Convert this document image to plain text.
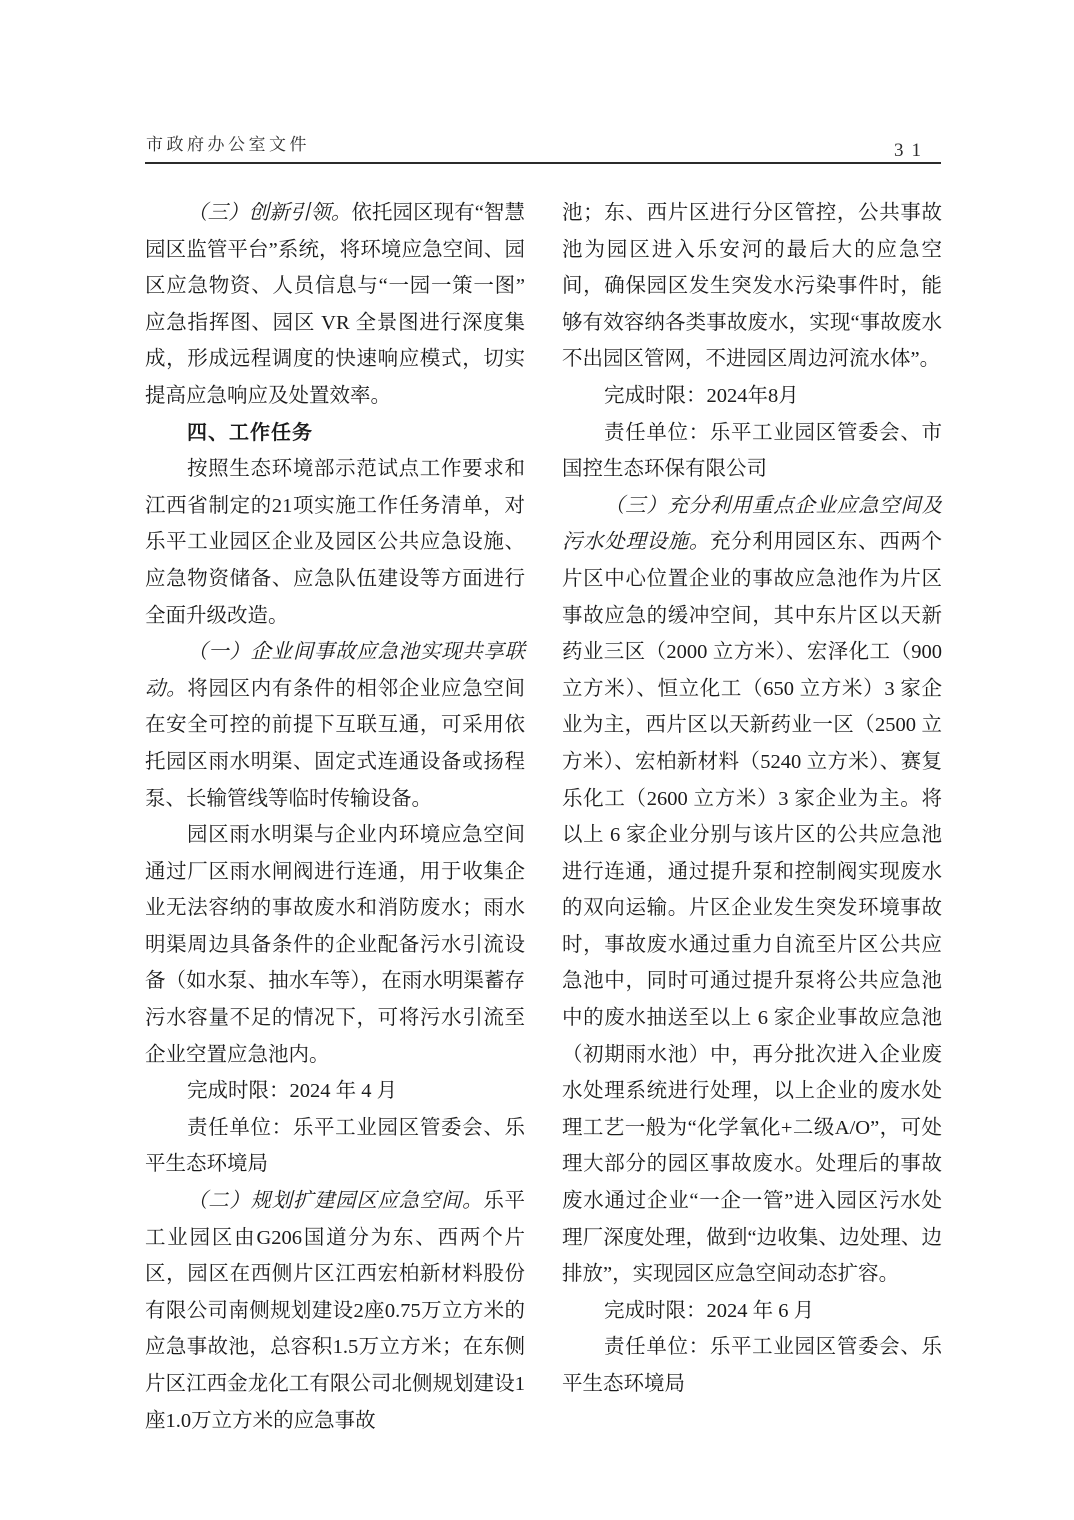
市政府办公室文件	31

（三）创新引领。依托园区现有“智慧园区监管平台”系统，将环境应急空间、园区应急物资、人员信息与“一园一策一图”应急指挥图、园区 VR 全景图进行深度集成，形成远程调度的快速响应模式，切实提高应急响应及处置效率。

四、工作任务

按照生态环境部示范试点工作要求和江西省制定的21项实施工作任务清单，对乐平工业园区企业及园区公共应急设施、应急物资储备、应急队伍建设等方面进行全面升级改造。

（一）企业间事故应急池实现共享联动。将园区内有条件的相邻企业应急空间在安全可控的前提下互联互通，可采用依托园区雨水明渠、固定式连通设备或扬程泵、长输管线等临时传输设备。

园区雨水明渠与企业内环境应急空间通过厂区雨水闸阀进行连通，用于收集企业无法容纳的事故废水和消防废水；雨水明渠周边具备条件的企业配备污水引流设备（如水泵、抽水车等），在雨水明渠蓄存污水容量不足的情况下，可将污水引流至企业空置应急池内。

完成时限：2024 年 4 月

责任单位：乐平工业园区管委会、乐平生态环境局

（二）规划扩建园区应急空间。乐平工业园区由G206国道分为东、西两个片区，园区在西侧片区江西宏柏新材料股份有限公司南侧规划建设2座0.75万立方米的应急事故池，总容积1.5万立方米；在东侧片区江西金龙化工有限公司北侧规划建设1座1.0万立方米的应急事故

池；东、西片区进行分区管控，公共事故池为园区进入乐安河的最后大的应急空间，确保园区发生突发水污染事件时，能够有效容纳各类事故废水，实现“事故废水不出园区管网，不进园区周边河流水体”。

完成时限：2024年8月

责任单位：乐平工业园区管委会、市国控生态环保有限公司

（三）充分利用重点企业应急空间及污水处理设施。充分利用园区东、西两个片区中心位置企业的事故应急池作为片区事故应急的缓冲空间，其中东片区以天新药业三区（2000 立方米）、宏泽化工（900 立方米）、恒立化工（650 立方米）3 家企业为主，西片区以天新药业一区（2500 立方米）、宏柏新材料（5240 立方米）、赛复乐化工（2600 立方米）3 家企业为主。将以上 6 家企业分别与该片区的公共应急池进行连通，通过提升泵和控制阀实现废水的双向运输。片区企业发生突发环境事故时，事故废水通过重力自流至片区公共应急池中，同时可通过提升泵将公共应急池中的废水抽送至以上 6 家企业事故应急池（初期雨水池）中，再分批次进入企业废水处理系统进行处理，以上企业的废水处理工艺一般为“化学氧化+二级A/O”，可处理大部分的园区事故废水。处理后的事故废水通过企业“一企一管”进入园区污水处理厂深度处理，做到“边收集、边处理、边排放”，实现园区应急空间动态扩容。

完成时限：2024 年 6 月

责任单位：乐平工业园区管委会、乐平生态环境局
